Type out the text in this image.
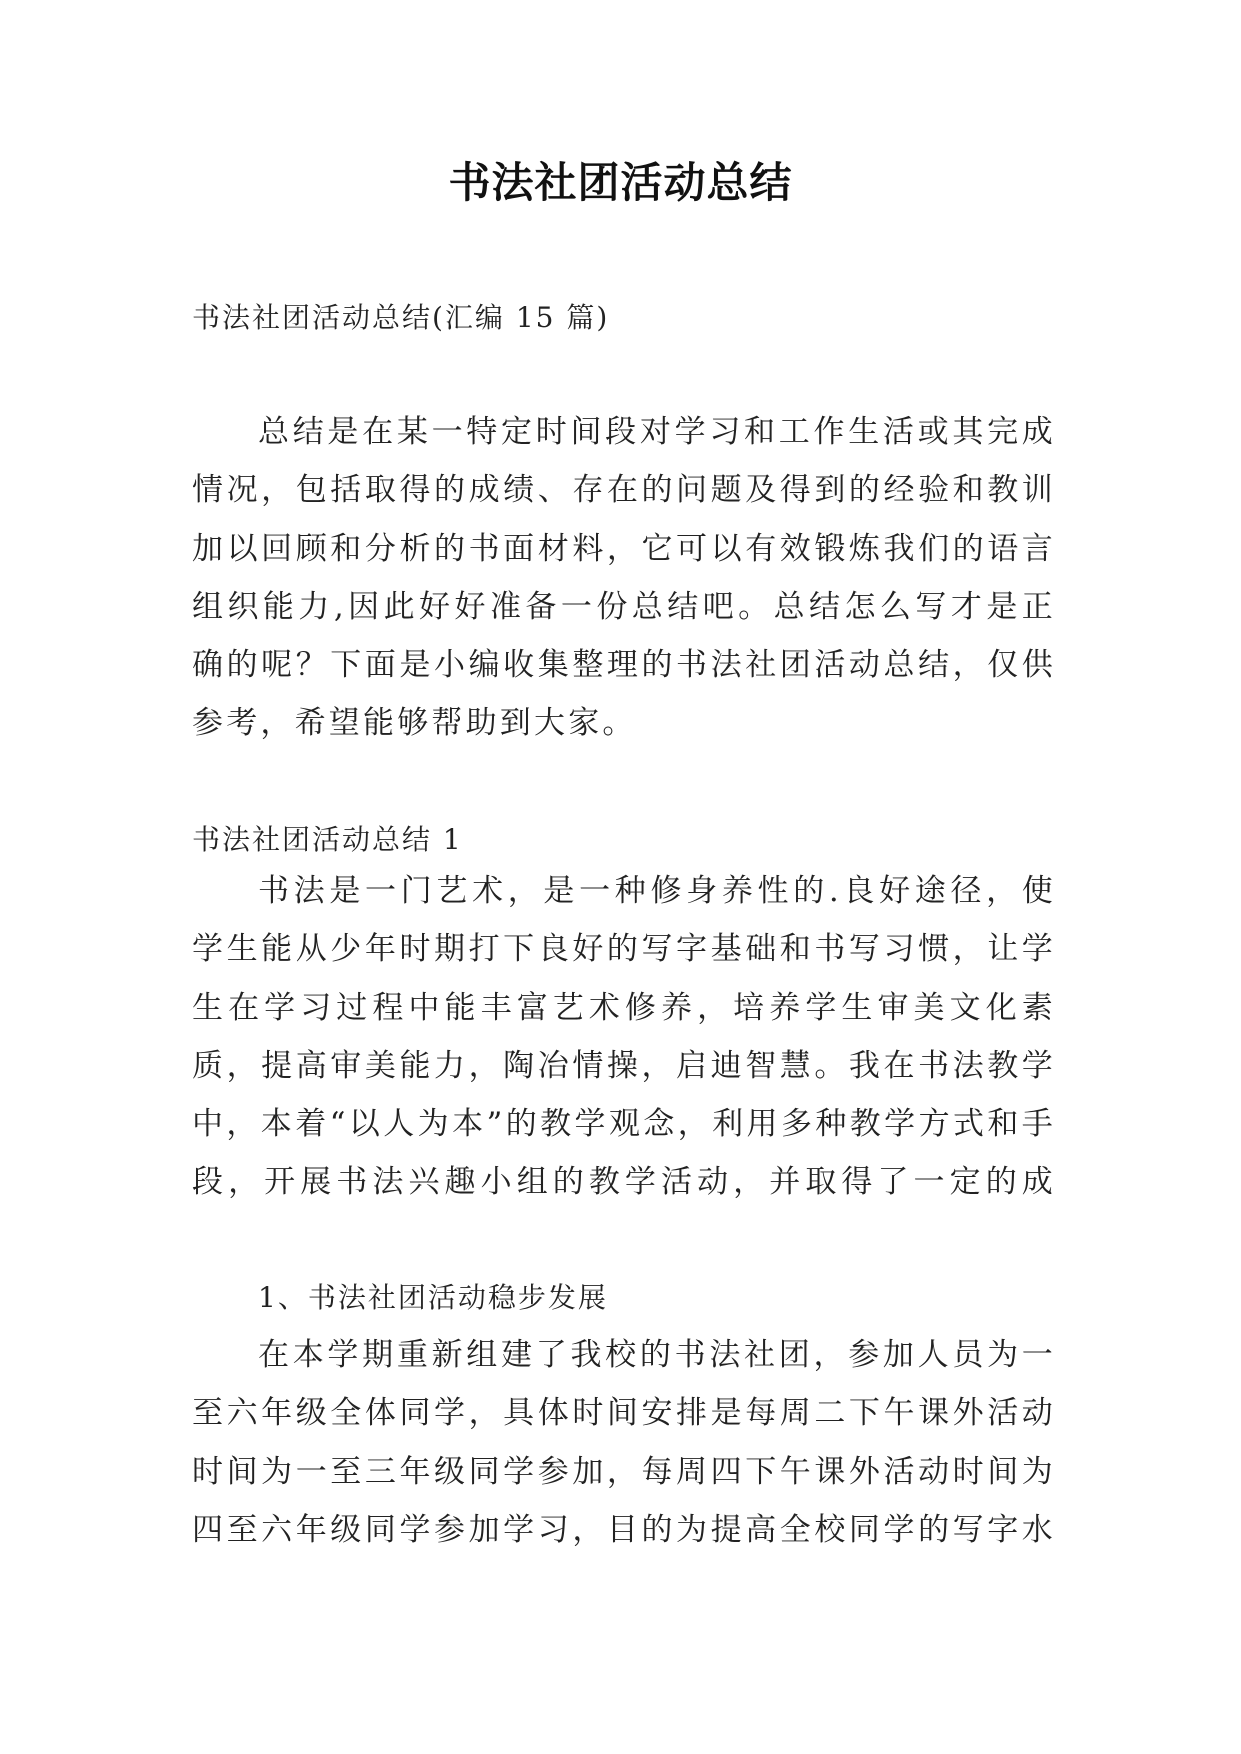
书法社团活动总结

书法社团活动总结(汇编 15 篇)

总结是在某一特定时间段对学习和工作生活或其完成情况，包括取得的成绩、存在的问题及得到的经验和教训加以回顾和分析的书面材料，它可以有效锻炼我们的语言组织能力,因此好好准备一份总结吧。总结怎么写才是正确的呢？下面是小编收集整理的书法社团活动总结，仅供参考，希望能够帮助到大家。

书法社团活动总结 1

书法是一门艺术，是一种修身养性的.良好途径，使学生能从少年时期打下良好的写字基础和书写习惯，让学生在学习过程中能丰富艺术修养，培养学生审美文化素质，提高审美能力，陶冶情操，启迪智慧。我在书法教学中，本着“以人为本”的教学观念，利用多种教学方式和手段，开展书法兴趣小组的教学活动，并取得了一定的成

1、书法社团活动稳步发展

在本学期重新组建了我校的书法社团，参加人员为一至六年级全体同学，具体时间安排是每周二下午课外活动时间为一至三年级同学参加，每周四下午课外活动时间为四至六年级同学参加学习，目的为提高全校同学的写字水
